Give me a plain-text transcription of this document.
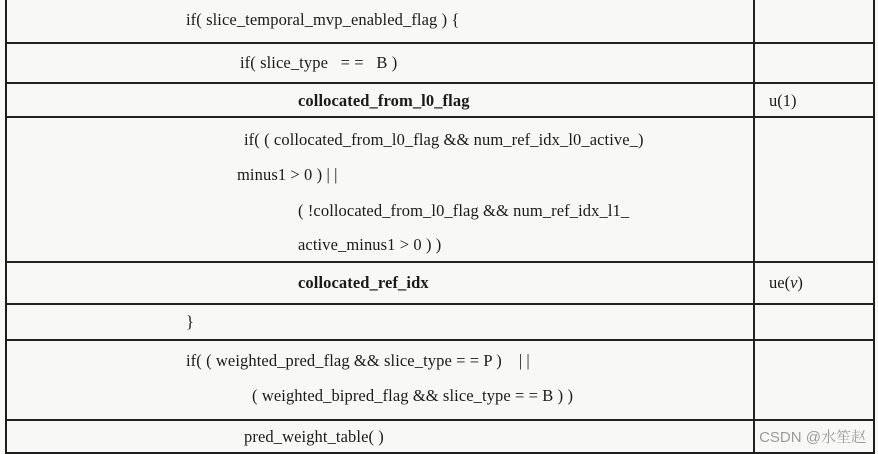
if( slice_temporal_mvp_enabled_flag ) {
if( slice_type   = =   B )
collocated_from_l0_flag	u(1)
if( ( collocated_from_l0_flag && num_ref_idx_l0_active_)
minus1 > 0 ) | |
( !collocated_from_l0_flag && num_ref_idx_l1_
active_minus1 > 0 ) )
collocated_ref_idx	ue(v)
}
if( ( weighted_pred_flag && slice_type = = P )    | |
( weighted_bipred_flag && slice_type = = B ) )
pred_weight_table( )	CSDN @水笙赵
